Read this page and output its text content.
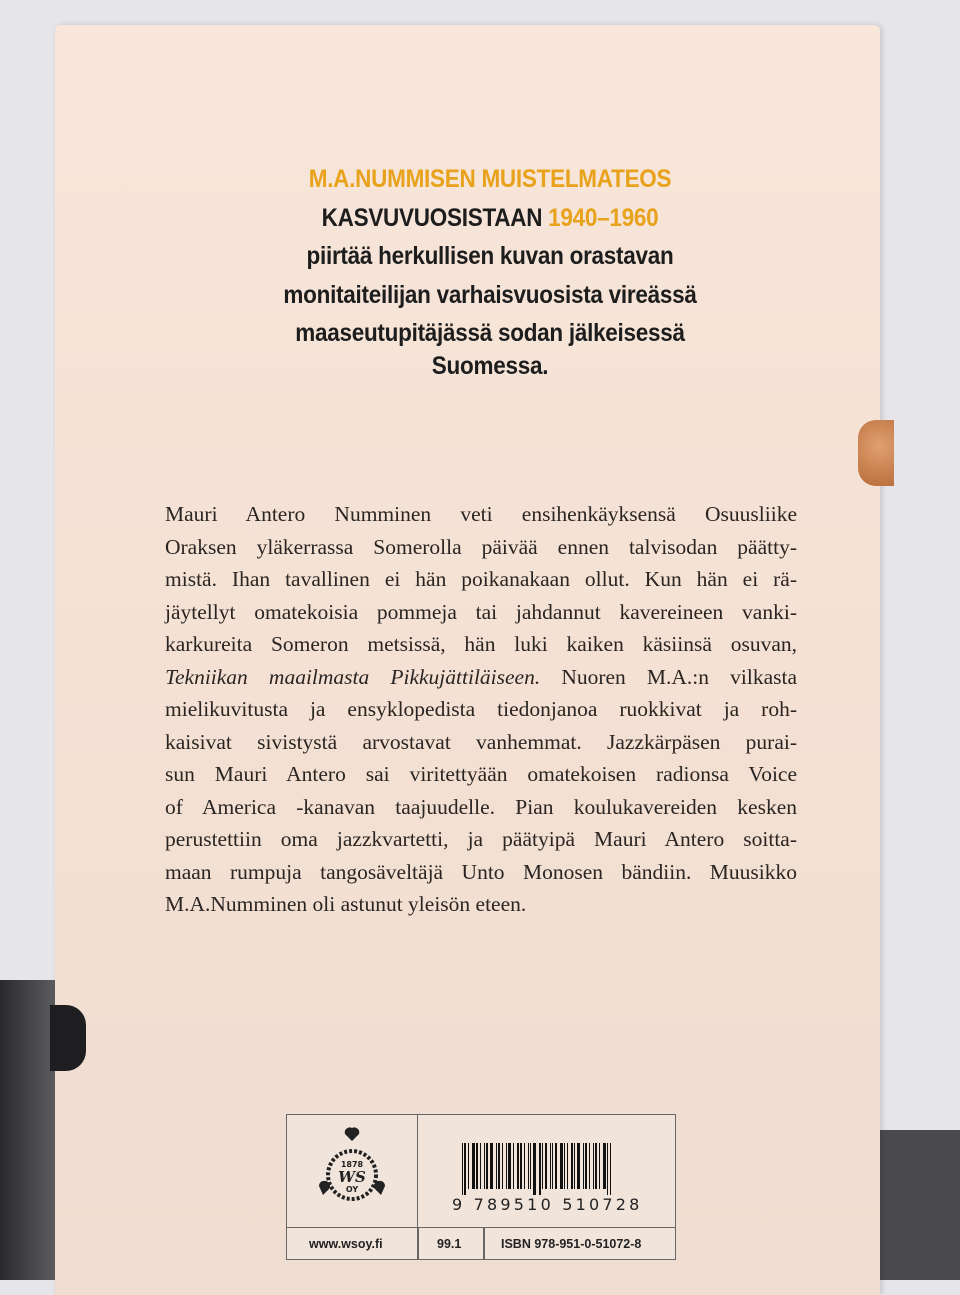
M.A.NUMMISEN MUISTELMATEOS
KASVUVUOSISTAAN 1940–1960
piirtää herkullisen kuvan orastavan
monitaiteilijan varhaisvuosista vireässä
maaseutupitäjässä sodan jälkeisessä
Suomessa.
Mauri Antero Numminen veti ensihenkäyksensä Osuusliike
Oraksen yläkerrassa Somerolla päivää ennen talvisodan päätty-
mistä. Ihan tavallinen ei hän poikanakaan ollut. Kun hän ei rä-
jäytellyt omatekoisia pommeja tai jahdannut kavereineen vanki-
karkureita Someron metsissä, hän luki kaiken käsiinsä osuvan,
Tekniikan maailmasta Pikkujättiläiseen. Nuoren M.A.:n vilkasta
mielikuvitusta ja ensyklopedista tiedonjanoa ruokkivat ja roh-
kaisivat sivistystä arvostavat vanhemmat. Jazzkärpäsen purai-
sun Mauri Antero sai viritettyään omatekoisen radionsa Voice
of America -kanavan taajuudelle. Pian koulukavereiden kesken
perustettiin oma jazzkvartetti, ja päätyipä Mauri Antero soitta-
maan rumpuja tangosäveltäjä Unto Monosen bändiin. Muusikko
M.A.Numminen oli astunut yleisön eteen.
1878
WS
OY
9 789510 510728
www.wsoy.fi	99.1	ISBN 978-951-0-51072-8
